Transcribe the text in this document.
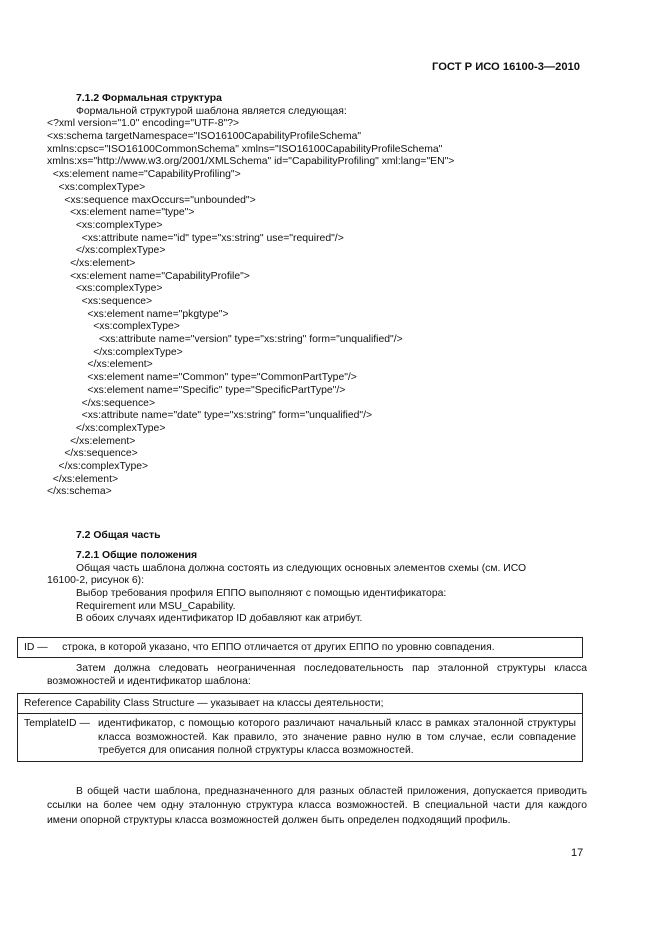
ГОСТ Р ИСО 16100-3—2010
7.1.2 Формальная структура
Формальной структурой шаблона является следующая:
<?xml version="1.0" encoding="UTF-8"?>
<xs:schema targetNamespace="ISO16100CapabilityProfileSchema"
xmlns:cpsc="ISO16100CommonSchema" xmlns="ISO16100CapabilityProfileSchema"
xmlns:xs="http://www.w3.org/2001/XMLSchema" id="CapabilityProfiling" xml:lang="EN">
<xs:element name="CapabilityProfiling">
<xs:complexType>
<xs:sequence maxOccurs="unbounded">
<xs:element name="type">
<xs:complexType>
<xs:attribute name="id" type="xs:string" use="required"/>
</xs:complexType>
</xs:element>
<xs:element name="CapabilityProfile">
<xs:complexType>
<xs:sequence>
<xs:element name="pkgtype">
<xs:complexType>
<xs:attribute name="version" type="xs:string" form="unqualified"/>
</xs:complexType>
</xs:element>
<xs:element name="Common" type="CommonPartType"/>
<xs:element name="Specific" type="SpecificPartType"/>
</xs:sequence>
<xs:attribute name="date" type="xs:string" form="unqualified"/>
</xs:complexType>
</xs:element>
</xs:sequence>
</xs:complexType>
</xs:element>
</xs:schema>
7.2 Общая часть
7.2.1 Общие положения
Общая часть шаблона должна состоять из следующих основных элементов схемы (см. ИСО
16100-2, рисунок 6):
Выбор требования профиля ЕППО выполняют с помощью идентификатора:
Requirement или MSU_Capability.
В обоих случаях идентификатор ID добавляют как атрибут.
ID —     строка, в которой указано, что ЕППО отличается от других ЕППО по уровню совпадения.
Затем должна следовать неограниченная последовательность пар эталонной структуры класса возможностей и идентификатор шаблона:
Reference Capability Class Structure — указывает на классы деятельности;
TemplateID — идентификатор, с помощью которого различают начальный класс в рамках эталонной структуры класса возможностей. Как правило, это значение равно нулю в том случае, если совпадение требуется для описания полной структуры класса возможностей.
В общей части шаблона, предназначенного для разных областей приложения, допускается приводить ссылки на более чем одну эталонную структура класса возможностей. В специальной части для каждого имени опорной структуры класса возможностей должен быть определен подходящий профиль.
17
